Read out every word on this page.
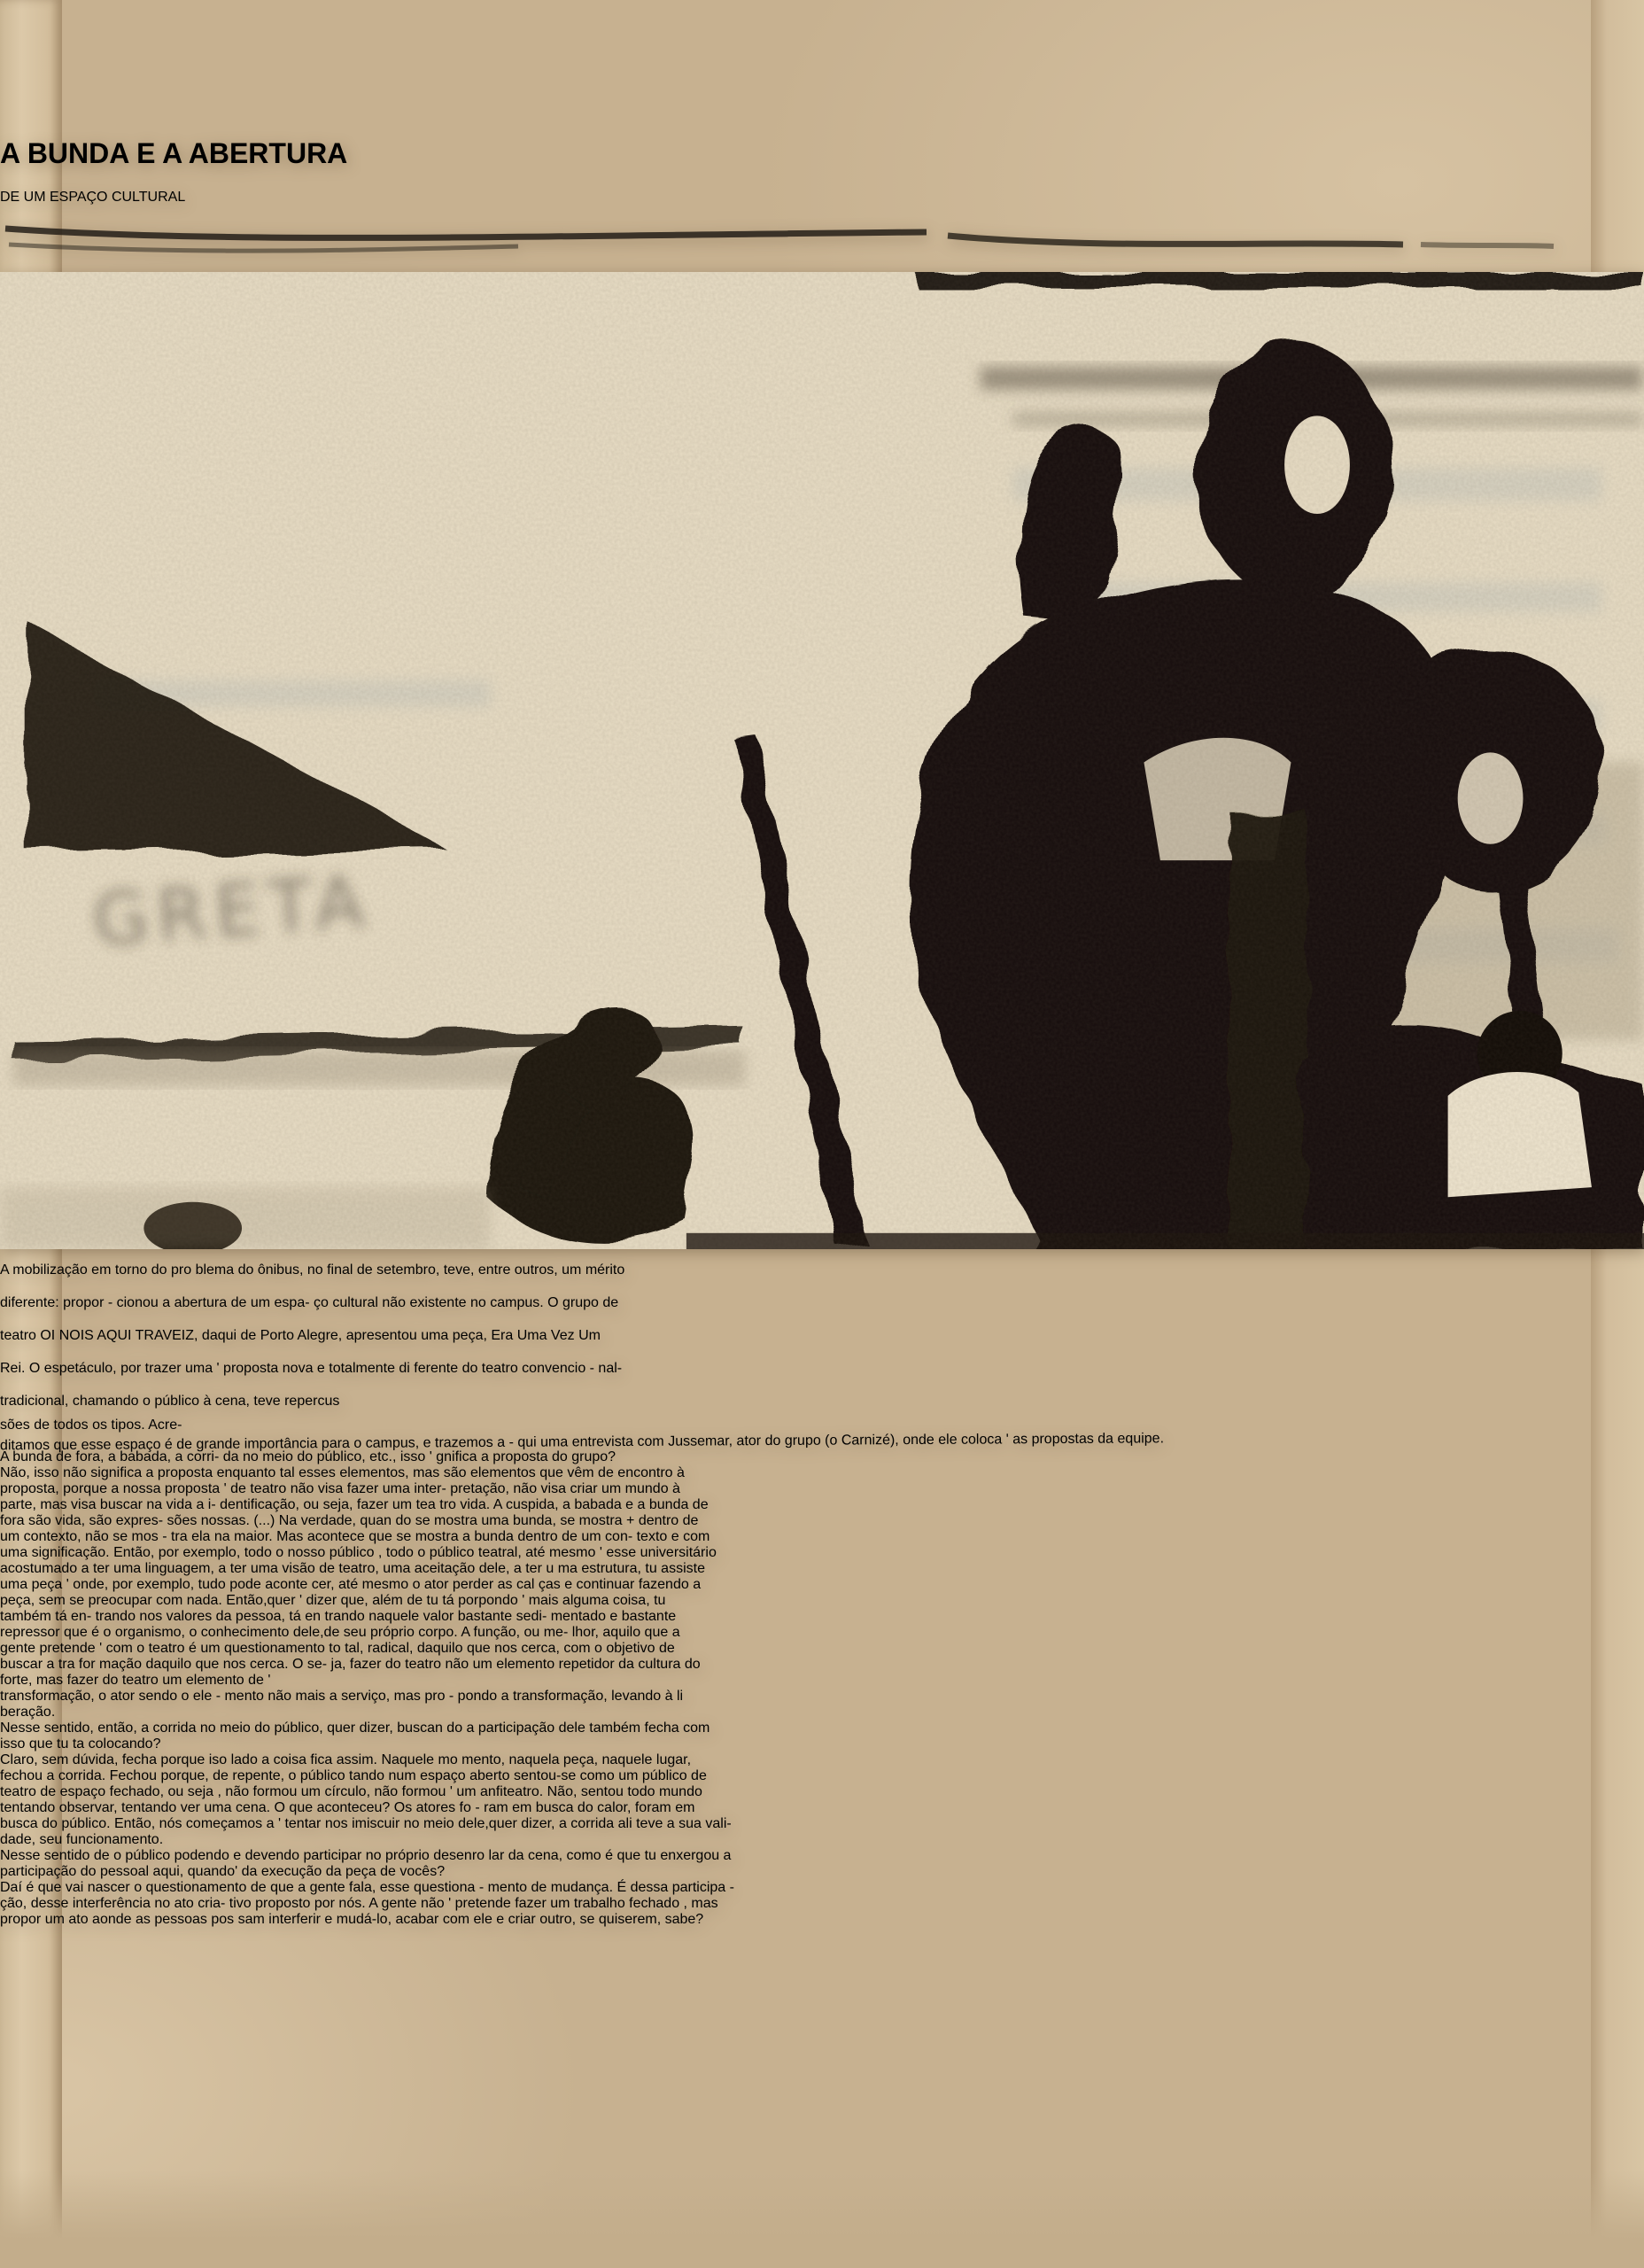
A BUNDA E A ABERTURA
DE UM ESPAÇO CULTURAL

GRETA
A mobilização em torno do pro blema do ônibus, no final de setembro, teve, entre outros, um mérito diferente: propor - cionou a abertura de um espa- ço cultural não existente no campus. O grupo de teatro OI NOIS AQUI TRAVEIZ, daqui de Porto Alegre, apresentou uma peça, Era Uma Vez Um Rei. O espetáculo, por trazer uma ' proposta nova e totalmente di ferente do teatro convencio - nal-tradicional, chamando o público à cena, teve repercus
sões de todos os tipos. Acre-
ditamos que esse espaço é de grande importância para o campus, e trazemos a - qui uma entrevista com Jussemar, ator do grupo (o Carnizé), onde ele coloca ' as propostas da equipe.
A bunda de fora, a babada, a corri- da no meio do público, etc., isso ' gnifica a proposta do grupo?
Não, isso não significa a proposta enquanto tal esses elementos, mas são elementos que vêm de encontro à proposta, porque a nossa proposta ' de teatro não visa fazer uma inter- pretação, não visa criar um mundo à parte, mas visa buscar na vida a i- dentificação, ou seja, fazer um tea tro vida. A cuspida, a babada e a bunda de fora são vida, são expres- sões nossas. (...) Na verdade, quan do se mostra uma bunda, se mostra + dentro de um contexto, não se mos - tra ela na maior. Mas acontece que se mostra a bunda dentro de um con- texto e com uma significação. Então, por exemplo, todo o nosso público , todo o público teatral, até mesmo ' esse universitário acostumado a ter uma linguagem, a ter uma visão de teatro, uma aceitação dele, a ter u ma estrutura, tu assiste uma peça ' onde, por exemplo, tudo pode aconte cer, até mesmo o ator perder as cal ças e continuar fazendo a peça, sem se preocupar com nada. Então,quer ' dizer que, além de tu tá porpondo ' mais alguma coisa, tu também tá en- trando nos valores da pessoa, tá en trando naquele valor bastante sedi- mentado e bastante repressor que é o organismo, o conhecimento dele,de seu próprio corpo. A função, ou me- lhor, aquilo que a gente pretende ' com o teatro é um questionamento to tal, radical, daquilo que nos cerca, com o objetivo de buscar a tra for mação daquilo que nos cerca. O se- ja, fazer do teatro não um elemento repetidor da cultura do forte, mas fazer do teatro um elemento de '
transformação, o ator sendo o ele - mento não mais a serviço, mas pro - pondo a transformação, levando à li beração.
Nesse sentido, então, a corrida no meio do público, quer dizer, buscan do a participação dele também fecha com isso que tu ta colocando?
Claro, sem dúvida, fecha porque iso lado a coisa fica assim. Naquele mo mento, naquela peça, naquele lugar, fechou a corrida. Fechou porque, de repente, o público tando num espaço aberto sentou-se como um público de teatro de espaço fechado, ou seja , não formou um círculo, não formou ' um anfiteatro. Não, sentou todo mundo tentando observar, tentando ver uma cena. O que aconteceu? Os atores fo - ram em busca do calor, foram em busca do público. Então, nós começamos a ' tentar nos imiscuir no meio dele,quer dizer, a corrida ali teve a sua vali- dade, seu funcionamento.
Nesse sentido de o público podendo e devendo participar no próprio desenro lar da cena, como é que tu enxergou a participação do pessoal aqui, quando' da execução da peça de vocês?
Daí é que vai nascer o questionamento de que a gente fala, esse questiona - mento de mudança. É dessa participa - ção, desse interferência no ato cria- tivo proposto por nós. A gente não ' pretende fazer um trabalho fechado , mas propor um ato aonde as pessoas pos sam interferir e mudá-lo, acabar com ele e criar outro, se quiserem, sabe?
